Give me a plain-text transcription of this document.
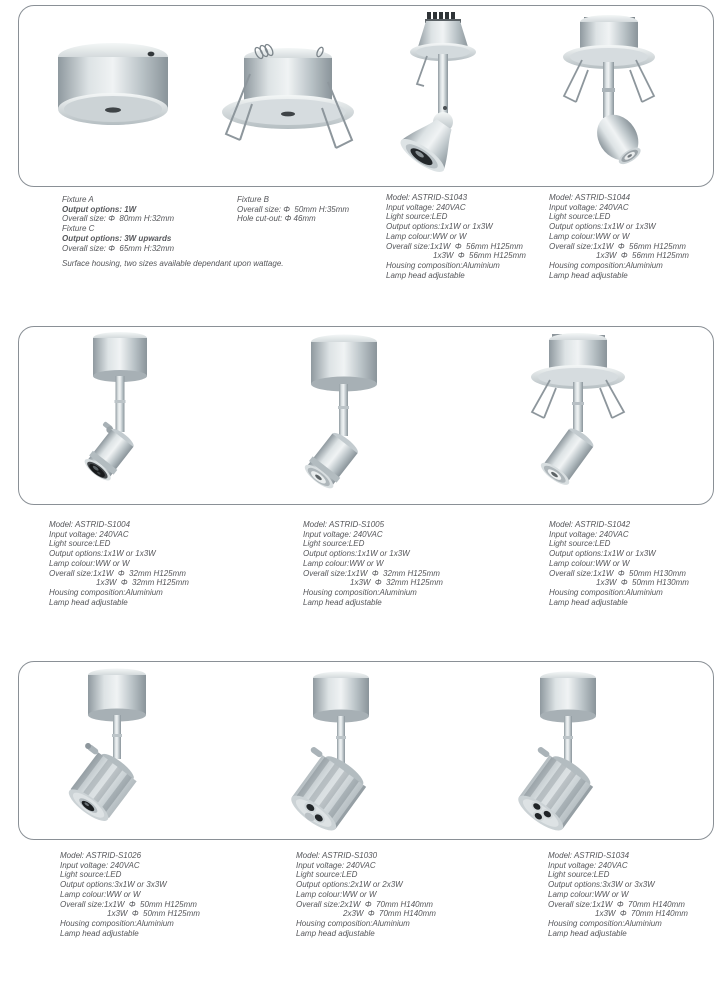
Fixture A
Output options: 1W
Overall size: Φ  80mm H:32mm
Fixture C
Output options: 3W upwards
Overall size: Φ  65mm H:32mm
Fixture B
Overall size: Φ  50mm H:35mm
Hole cut-out: Φ 46mm
Surface housing, two sizes available dependant upon wattage.
Model: ASTRID-S1043
Input voltage: 240VAC
Light source:LED
Output options:1x1W or 1x3W
Lamp colour:WW or W
Overall size:1x1W  Φ  56mm H125mm
1x3W  Φ  56mm H125mm
Housing composition:Aluminium
Lamp head adjustable
Model: ASTRID-S1044
Input voltage: 240VAC
Light source:LED
Output options:1x1W or 1x3W
Lamp colour:WW or W
Overall size:1x1W  Φ  56mm H125mm
1x3W  Φ  56mm H125mm
Housing composition:Aluminium
Lamp head adjustable
Model: ASTRID-S1004
Input voltage: 240VAC
Light source:LED
Output options:1x1W or 1x3W
Lamp colour:WW or W
Overall size:1x1W  Φ  32mm H125mm
1x3W  Φ  32mm H125mm
Housing composition:Aluminium
Lamp head adjustable
Model: ASTRID-S1005
Input voltage: 240VAC
Light source:LED
Output options:1x1W or 1x3W
Lamp colour:WW or W
Overall size:1x1W  Φ  32mm H125mm
1x3W  Φ  32mm H125mm
Housing composition:Aluminium
Lamp head adjustable
Model: ASTRID-S1042
Input voltage: 240VAC
Light source:LED
Output options:1x1W or 1x3W
Lamp colour:WW or W
Overall size:1x1W  Φ  50mm H130mm
1x3W  Φ  50mm H130mm
Housing composition:Aluminium
Lamp head adjustable
Model: ASTRID-S1026
Input voltage: 240VAC
Light source:LED
Output options:3x1W or 3x3W
Lamp colour:WW or W
Overall size:1x1W  Φ  50mm H125mm
1x3W  Φ  50mm H125mm
Housing composition:Aluminium
Lamp head adjustable
Model: ASTRID-S1030
Input voltage: 240VAC
Light source:LED
Output options:2x1W or 2x3W
Lamp colour:WW or W
Overall size:2x1W  Φ  70mm H140mm
2x3W  Φ  70mm H140mm
Housing composition:Aluminium
Lamp head adjustable
Model: ASTRID-S1034
Input voltage: 240VAC
Light source:LED
Output options:3x3W or 3x3W
Lamp colour:WW or W
Overall size:1x1W  Φ  70mm H140mm
1x3W  Φ  70mm H140mm
Housing composition:Aluminium
Lamp head adjustable
